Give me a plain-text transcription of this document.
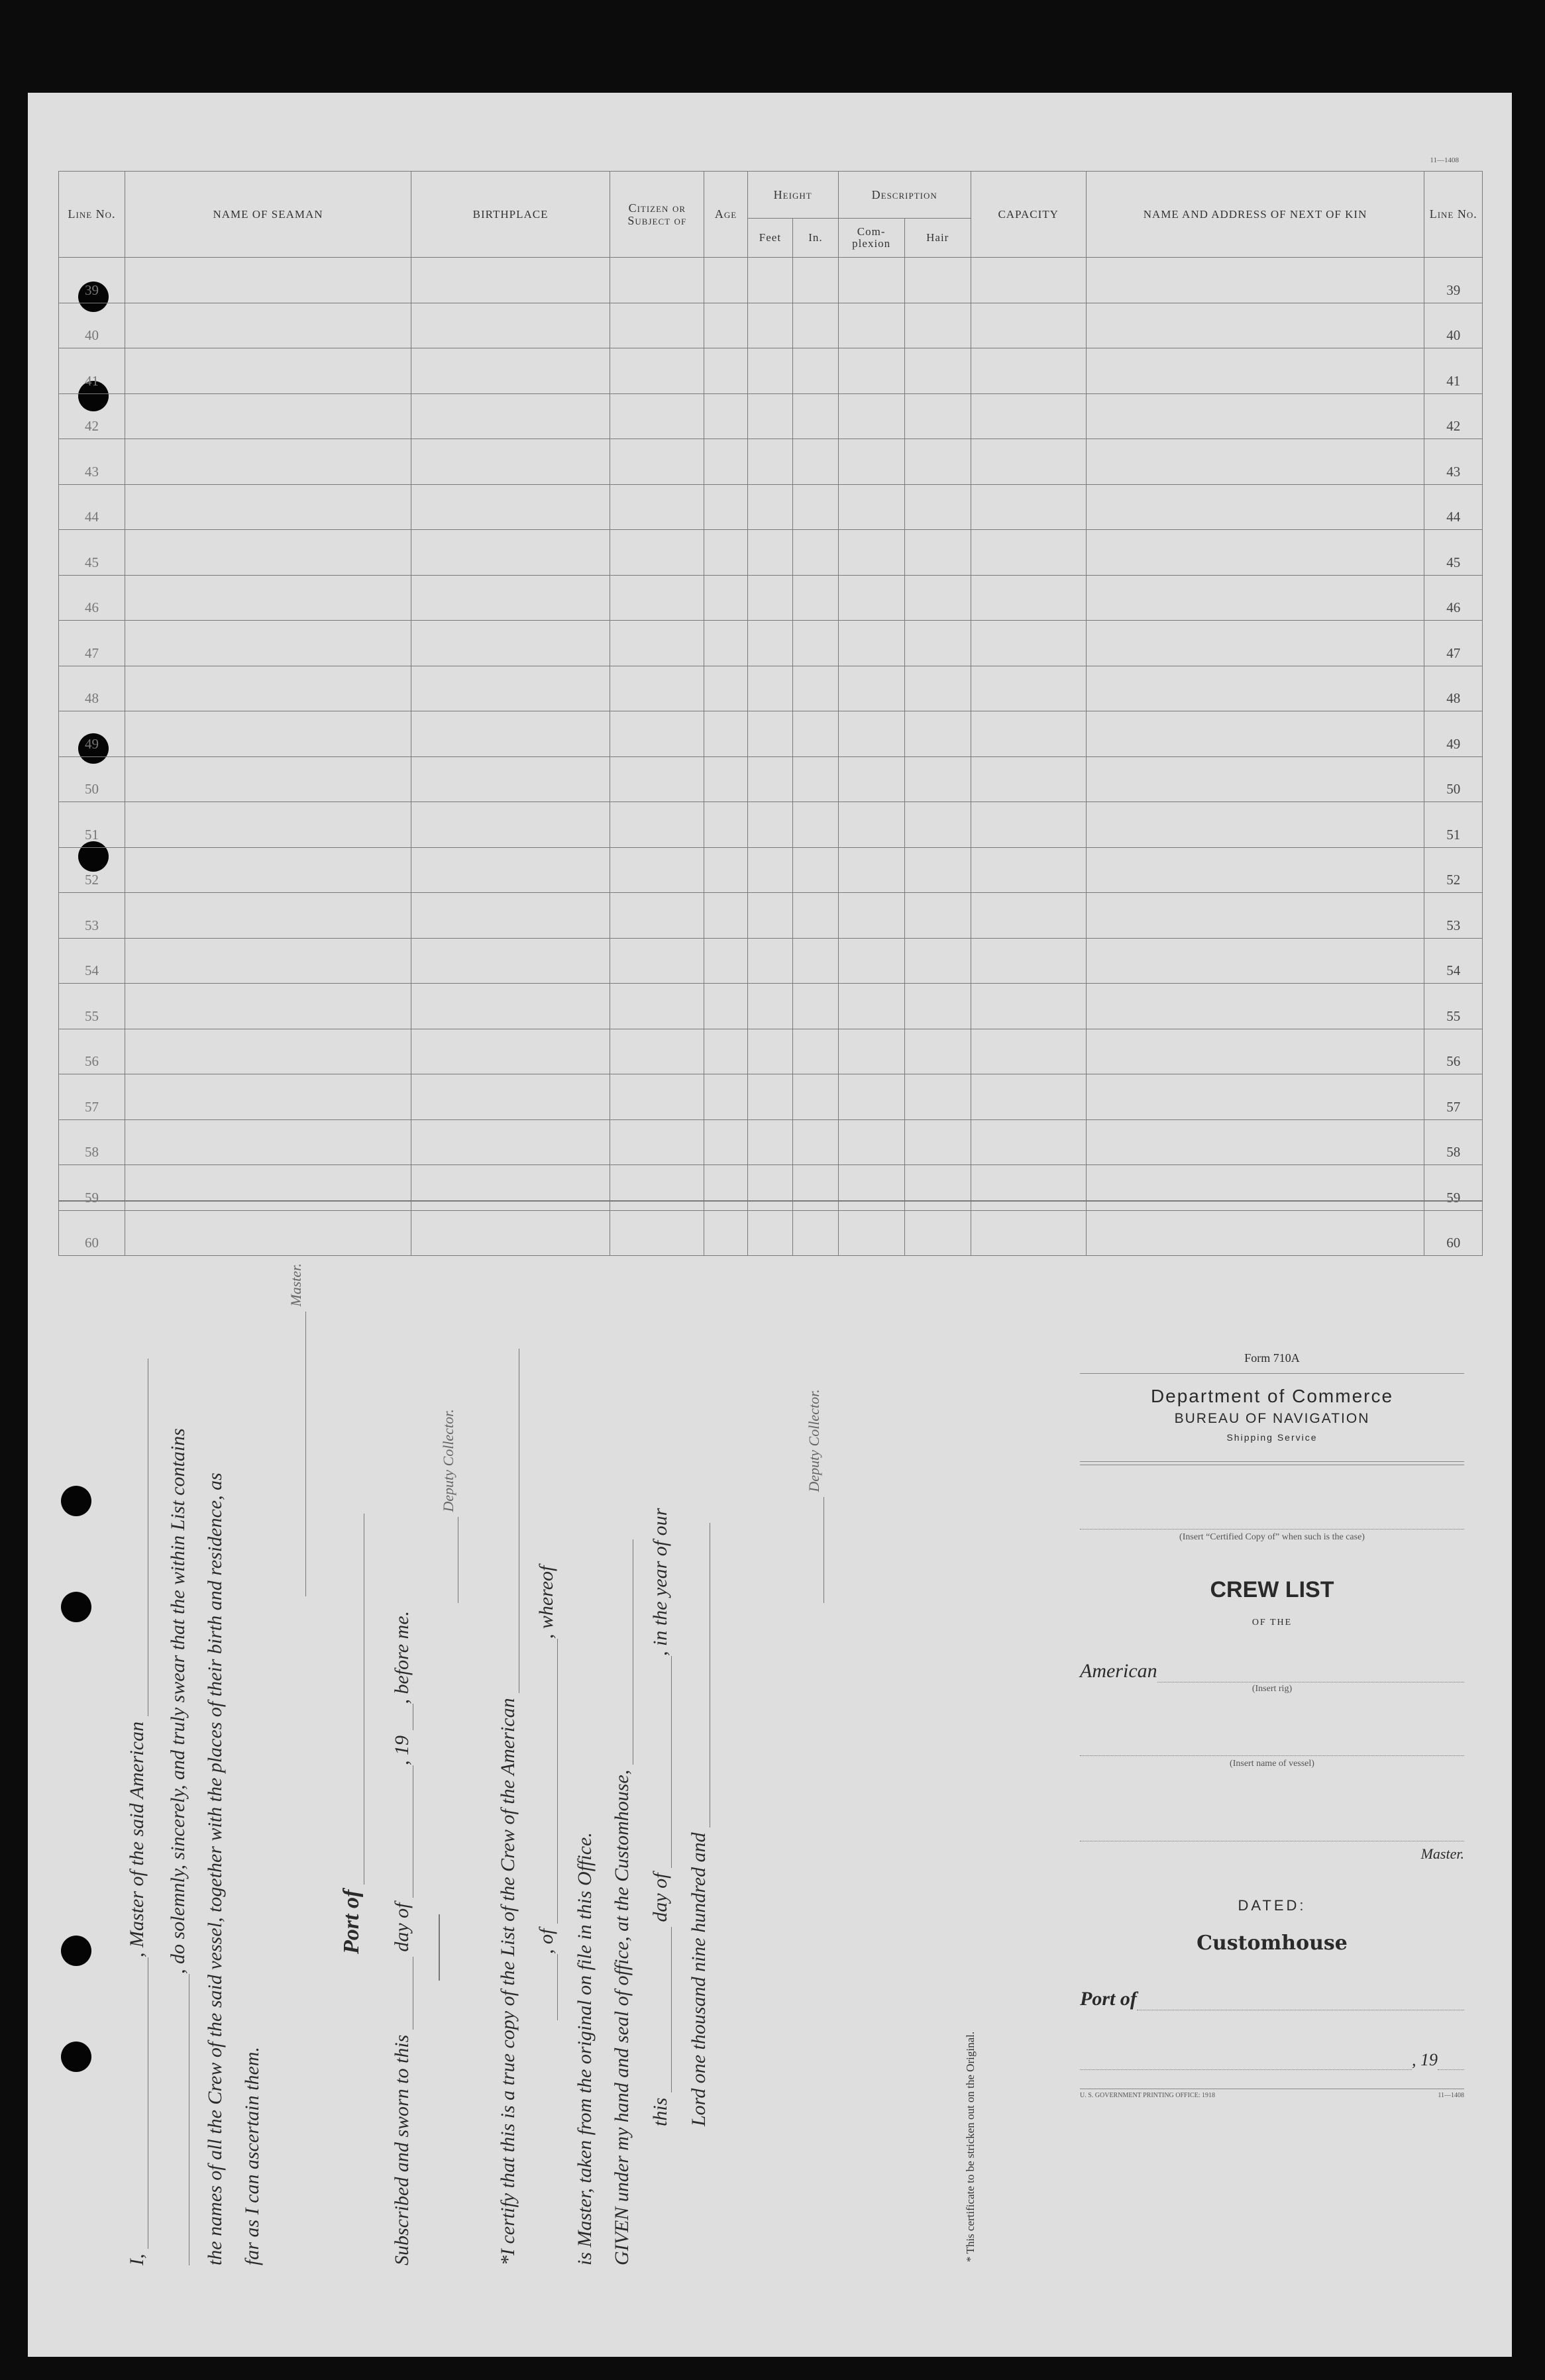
11—1408
Line No.	NAME OF SEAMAN	BIRTHPLACE	Citizen or Subject of	Age	Height		Description		CAPACITY	NAME AND ADDRESS OF NEXT OF KIN	Line No.
					Feet	In.	Com- plexion	Hair			
39											39
40											40
41											41
42											42
43											43
44											44
45											45
46											46
47											47
48											48
49											49
50											50
51											51
52											52
53											53
54											54
55											55
56											56
57											57
58											58
59											59
60											60
I, , Master of the said American , do solemnly, sincerely, and truly swear that the within List contains the names of all the Crew of the said vessel, together with the places of their birth and residence, as far as I can ascertain them.
Master.
Port of
Subscribed and sworn to this  day of , 19 , before me.
Deputy Collector.
*I certify that this is a true copy of the List of the Crew of the American , of , whereof
is Master, taken from the original on file in this Office. GIVEN under my hand and seal of office, at the Customhouse, this  day of , in the year of our
Lord one thousand nine hundred and
Deputy Collector.
* This certificate to be stricken out on the Original.
Form 710A
Department of Commerce
BUREAU OF NAVIGATION
Shipping Service
(Insert “Certified Copy of” when such is the case)
CREW LIST
OF THE
American
(Insert rig)
(Insert name of vessel)
Master.
DATED:
Customhouse
Port of
, 19
U. S. GOVERNMENT PRINTING OFFICE: 1918	11—1408
